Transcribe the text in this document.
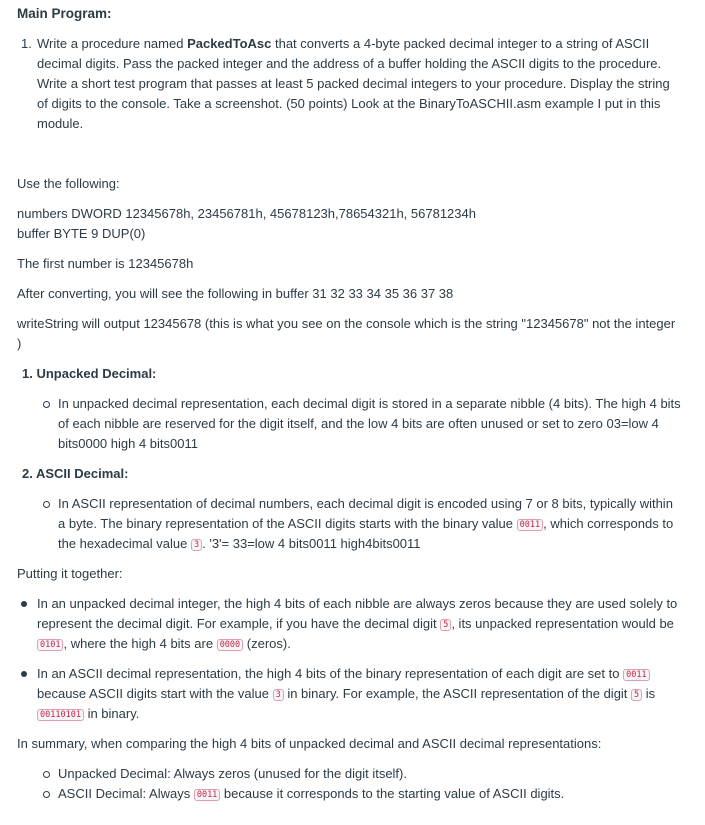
Main Program:
1. Write a procedure named PackedToAsc that converts a 4-byte packed decimal integer to a string of ASCII decimal digits. Pass the packed integer and the address of a buffer holding the ASCII digits to the procedure. Write a short test program that passes at least 5 packed decimal integers to your procedure. Display the string of digits to the console. Take a screenshot. (50 points) Look at the BinaryToASCHII.asm example I put in this module.

Use the following:

numbers DWORD 12345678h, 23456781h, 45678123h,78654321h, 56781234h

buffer BYTE 9 DUP(0)

The first number is 12345678h

After converting, you will see the following in buffer 31 32 33 34 35 36 37 38

writeString will output 12345678 (this is what you see on the console which is the string "12345678" not the integer )

1. Unpacked Decimal:
In unpacked decimal representation, each decimal digit is stored in a separate nibble (4 bits). The high 4 bits of each nibble are reserved for the digit itself, and the low 4 bits are often unused or set to zero 03=low 4 bits0000 high 4 bits0011
2. ASCII Decimal:
In ASCII representation of decimal numbers, each decimal digit is encoded using 7 or 8 bits, typically within a byte. The binary representation of the ASCII digits starts with the binary value 0011 , which corresponds to the hexadecimal value 3 . '3'= 33=low 4 bits0011 high4bits0011

Putting it together:

In an unpacked decimal integer, the high 4 bits of each nibble are always zeros because they are used solely to represent the decimal digit. For example, if you have the decimal digit 5 , its unpacked representation would be 0101 , where the high 4 bits are 0000 (zeros).
In an ASCII decimal representation, the high 4 bits of the binary representation of each digit are set to 0011 because ASCII digits start with the value 3 in binary. For example, the ASCII representation of the digit 5 is 00110101 in binary.

In summary, when comparing the high 4 bits of unpacked decimal and ASCII decimal representations:

Unpacked Decimal: Always zeros (unused for the digit itself).
ASCII Decimal: Always 0011 because it corresponds to the starting value of ASCII digits.
